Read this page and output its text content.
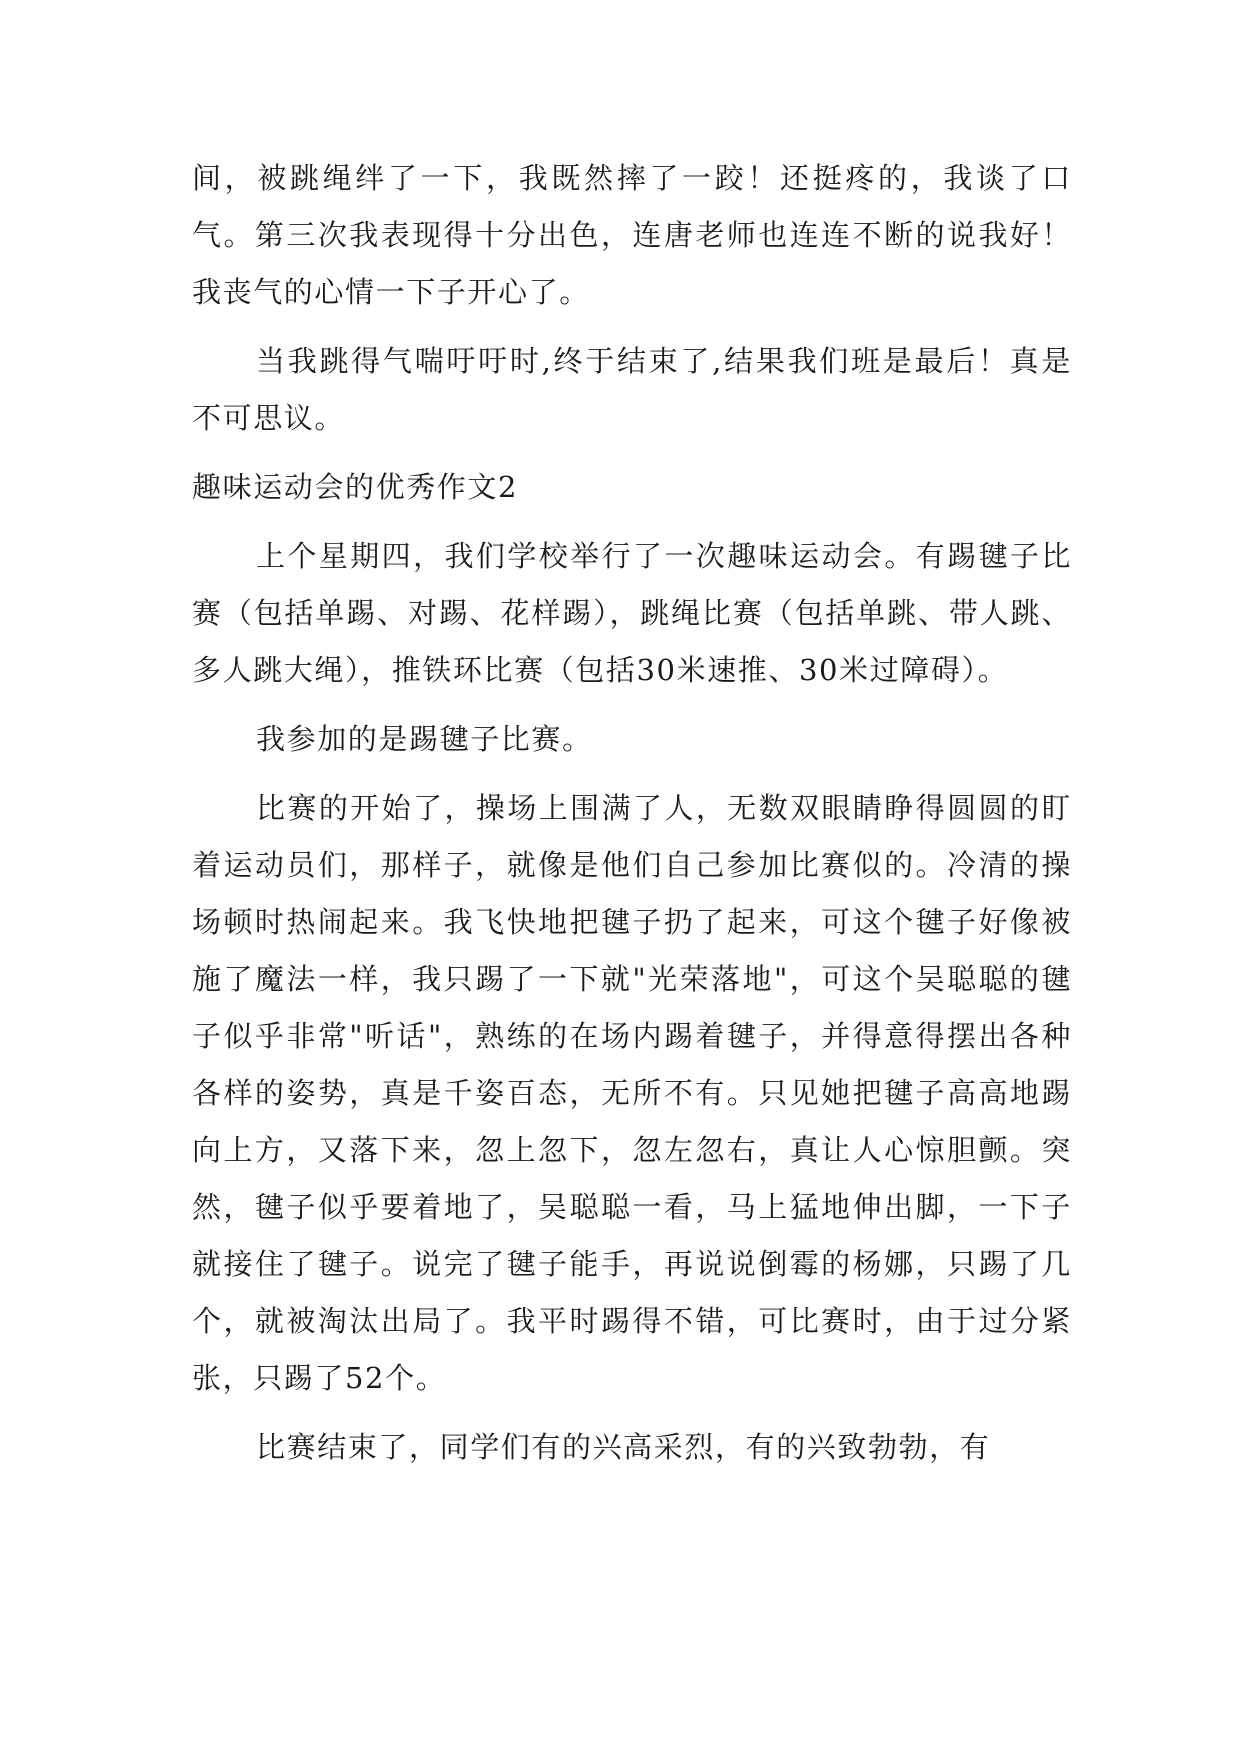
间，被跳绳绊了一下，我既然摔了一跤！还挺疼的，我谈了口气。第三次我表现得十分出色，连唐老师也连连不断的说我好！我丧气的心情一下子开心了。

当我跳得气喘吁吁时,终于结束了,结果我们班是最后！真是不可思议。

趣味运动会的优秀作文2

上个星期四，我们学校举行了一次趣味运动会。有踢毽子比赛（包括单踢、对踢、花样踢），跳绳比赛（包括单跳、带人跳、多人跳大绳），推铁环比赛（包括30米速推、30米过障碍）。

我参加的是踢毽子比赛。

比赛的开始了，操场上围满了人，无数双眼睛睁得圆圆的盯着运动员们，那样子，就像是他们自己参加比赛似的。冷清的操场顿时热闹起来。我飞快地把毽子扔了起来，可这个毽子好像被施了魔法一样，我只踢了一下就"光荣落地"，可这个吴聪聪的毽子似乎非常"听话"，熟练的在场内踢着毽子，并得意得摆出各种各样的姿势，真是千姿百态，无所不有。只见她把毽子高高地踢向上方，又落下来，忽上忽下，忽左忽右，真让人心惊胆颤。突然，毽子似乎要着地了，吴聪聪一看，马上猛地伸出脚，一下子就接住了毽子。说完了毽子能手，再说说倒霉的杨娜，只踢了几个，就被淘汰出局了。我平时踢得不错，可比赛时，由于过分紧张，只踢了52个。

比赛结束了，同学们有的兴高采烈，有的兴致勃勃，有
